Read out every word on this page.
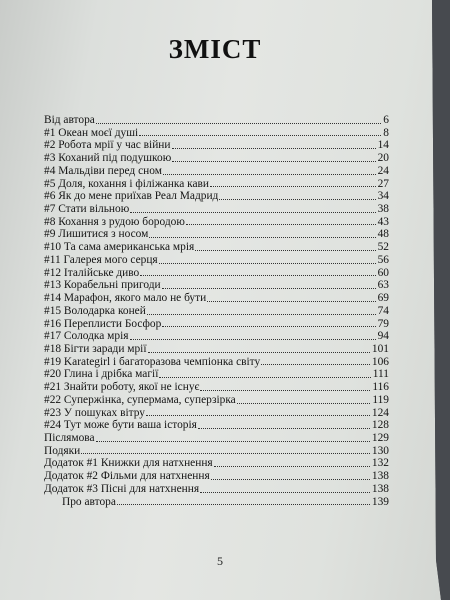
ЗМІСТ
Від автора	6
#1 Океан моєї душі	8
#2 Робота мрії у час війни	14
#3 Коханий під подушкою	20
#4 Мальдіви перед сном	24
#5 Доля, кохання і філіжанка кави	27
#6 Як до мене приїхав Реал Мадрид	34
#7 Стати вільною	38
#8 Кохання з рудою бородою	43
#9 Лишитися з носом	48
#10 Та сама американська мрія	52
#11 Галерея мого серця	56
#12 Італійське диво	60
#13 Корабельні пригоди	63
#14 Марафон, якого мало не бути	69
#15 Володарка коней	74
#16 Переплисти Босфор	79
#17 Солодка мрія	94
#18 Бігти заради мрії	101
#19 Karategirl і багаторазова чемпіонка світу	106
#20 Глина і дрібка магії	111
#21 Знайти роботу, якої не існує	116
#22 Супержінка, супермама, суперзірка	119
#23 У пошуках вітру	124
#24 Тут може бути ваша історія	128
Післямова	129
Подяки	130
Додаток #1 Книжки для натхнення	132
Додаток #2 Фільми для натхнення	138
Додаток #3 Пісні для натхнення	138
Про автора	139
5
